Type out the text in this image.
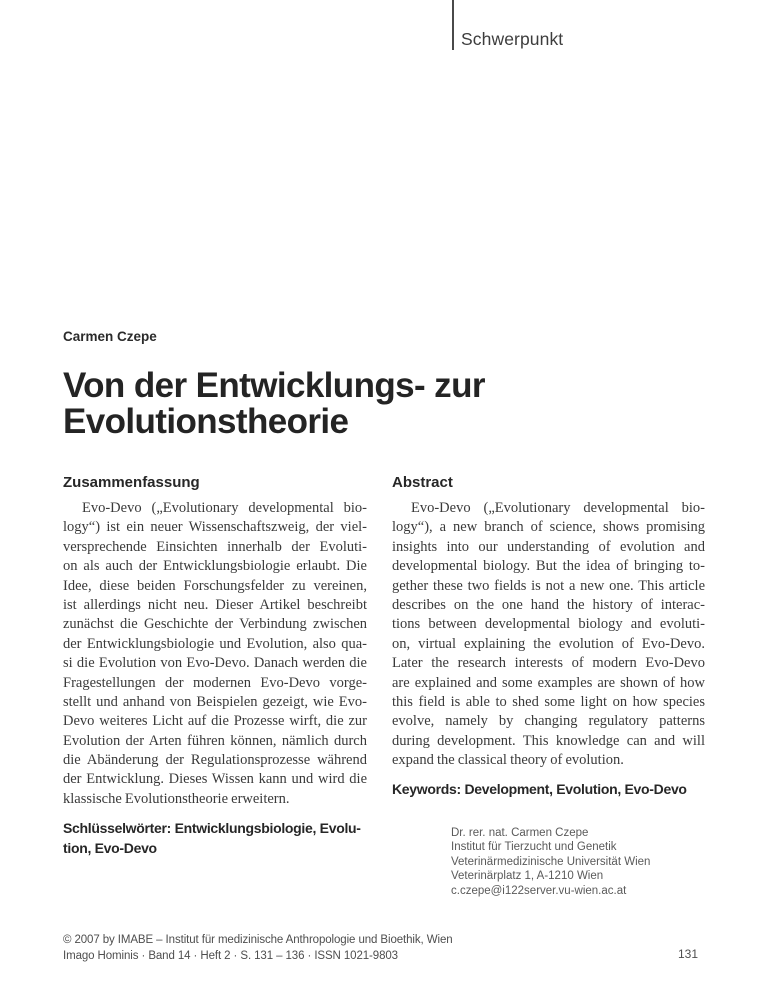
Schwerpunkt
Carmen Czepe
Von der Entwicklungs- zur
Evolutionstheorie
Zusammenfassung
Evo-Devo („Evolutionary developmental bio-
logy“) ist ein neuer Wissenschaftszweig, der viel-
versprechende Einsichten innerhalb der Evoluti-
on als auch der Entwicklungsbiologie erlaubt. Die
Idee, diese beiden Forschungsfelder zu vereinen,
ist allerdings nicht neu. Dieser Artikel beschreibt
zunächst die Geschichte der Verbindung zwischen
der Entwicklungsbiologie und Evolution, also qua-
si die Evolution von Evo-Devo. Danach werden die
Fragestellungen der modernen Evo-Devo vorge-
stellt und anhand von Beispielen gezeigt, wie Evo-
Devo weiteres Licht auf die Prozesse wirft, die zur
Evolution der Arten führen können, nämlich durch
die Abänderung der Regulationsprozesse während
der Entwicklung. Dieses Wissen kann und wird die
klassische Evolutionstheorie erweitern.
Schlüsselwörter: Entwicklungsbiologie, Evolu-
tion, Evo-Devo
Abstract
Evo-Devo („Evolutionary developmental bio-
logy“), a new branch of science, shows promising
insights into our understanding of evolution and
developmental biology. But the idea of bringing to-
gether these two fields is not a new one. This article
describes on the one hand the history of interac-
tions between developmental biology and evoluti-
on, virtual explaining the evolution of Evo-Devo.
Later the research interests of modern Evo-Devo
are explained and some examples are shown of how
this field is able to shed some light on how species
evolve, namely by changing regulatory patterns
during development. This knowledge can and will
expand the classical theory of evolution.
Keywords: Development, Evolution, Evo-Devo
Dr. rer. nat. Carmen Czepe
Institut für Tierzucht und Genetik
Veterinärmedizinische Universität Wien
Veterinärplatz 1, A-1210 Wien
c.czepe@i122server.vu-wien.ac.at
© 2007 by IMABE – Institut für medizinische Anthropologie und Bioethik, Wien
Imago Hominis · Band 14 · Heft 2 · S. 131 – 136 · ISSN 1021-9803	131
